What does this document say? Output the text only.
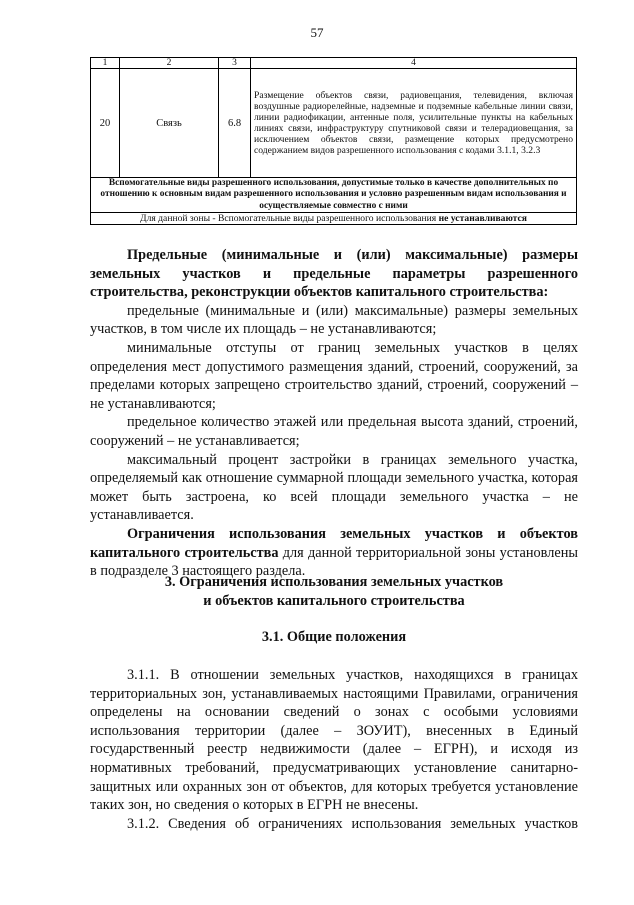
57
1	2	3	4
20	Связь	6.8	Размещение объектов связи, радиовещания, телевидения, включая воздушные радиорелейные, надземные и подземные кабельные линии связи, линии радиофикации, антенные поля, усилительные пункты на кабельных линиях связи, инфраструктуру спутниковой связи и телерадиовещания, за исключением объектов связи, размещение которых предусмотрено содержанием видов разрешенного использования с кодами 3.1.1, 3.2.3
Вспомогательные виды разрешенного использования, допустимые только в качестве дополнительных по отношению к основным видам разрешенного использования и условно разрешенным видам использования и осуществляемые совместно с ними			
Для данной зоны - Вспомогательные виды разрешенного использования не устанавливаются			

Предельные (минимальные и (или) максимальные) размеры земельных участков и предельные параметры разрешенного строительства, реконструкции объектов капитального строительства:

предельные (минимальные и (или) максимальные) размеры земельных участков, в том числе их площадь – не устанавливаются;

минимальные отступы от границ земельных участков в целях определения мест допустимого размещения зданий, строений, сооружений, за пределами которых запрещено строительство зданий, строений, сооружений – не устанавливаются;

предельное количество этажей или предельная высота зданий, строений, сооружений – не устанавливается;

максимальный процент застройки в границах земельного участка, определяемый как отношение суммарной площади земельного участка, которая может быть застроена, ко всей площади земельного участка – не устанавливается.

Ограничения использования земельных участков и объектов капитального строительства для данной территориальной зоны установлены в подразделе 3 настоящего раздела.

3. Ограничения использования земельных участков
и объектов капитального строительства
3.1. Общие положения

3.1.1. В отношении земельных участков, находящихся в границах территориальных зон, устанавливаемых настоящими Правилами, ограничения определены на основании сведений о зонах с особыми условиями использования территории (далее – ЗОУИТ), внесенных в Единый государственный реестр недвижимости (далее – ЕГРН), и исходя из нормативных требований, предусматривающих установление санитарно-защитных или охранных зон от объектов, для которых требуется установление таких зон, но сведения о которых в ЕГРН не внесены.

3.1.2. Сведения об ограничениях использования земельных участков
